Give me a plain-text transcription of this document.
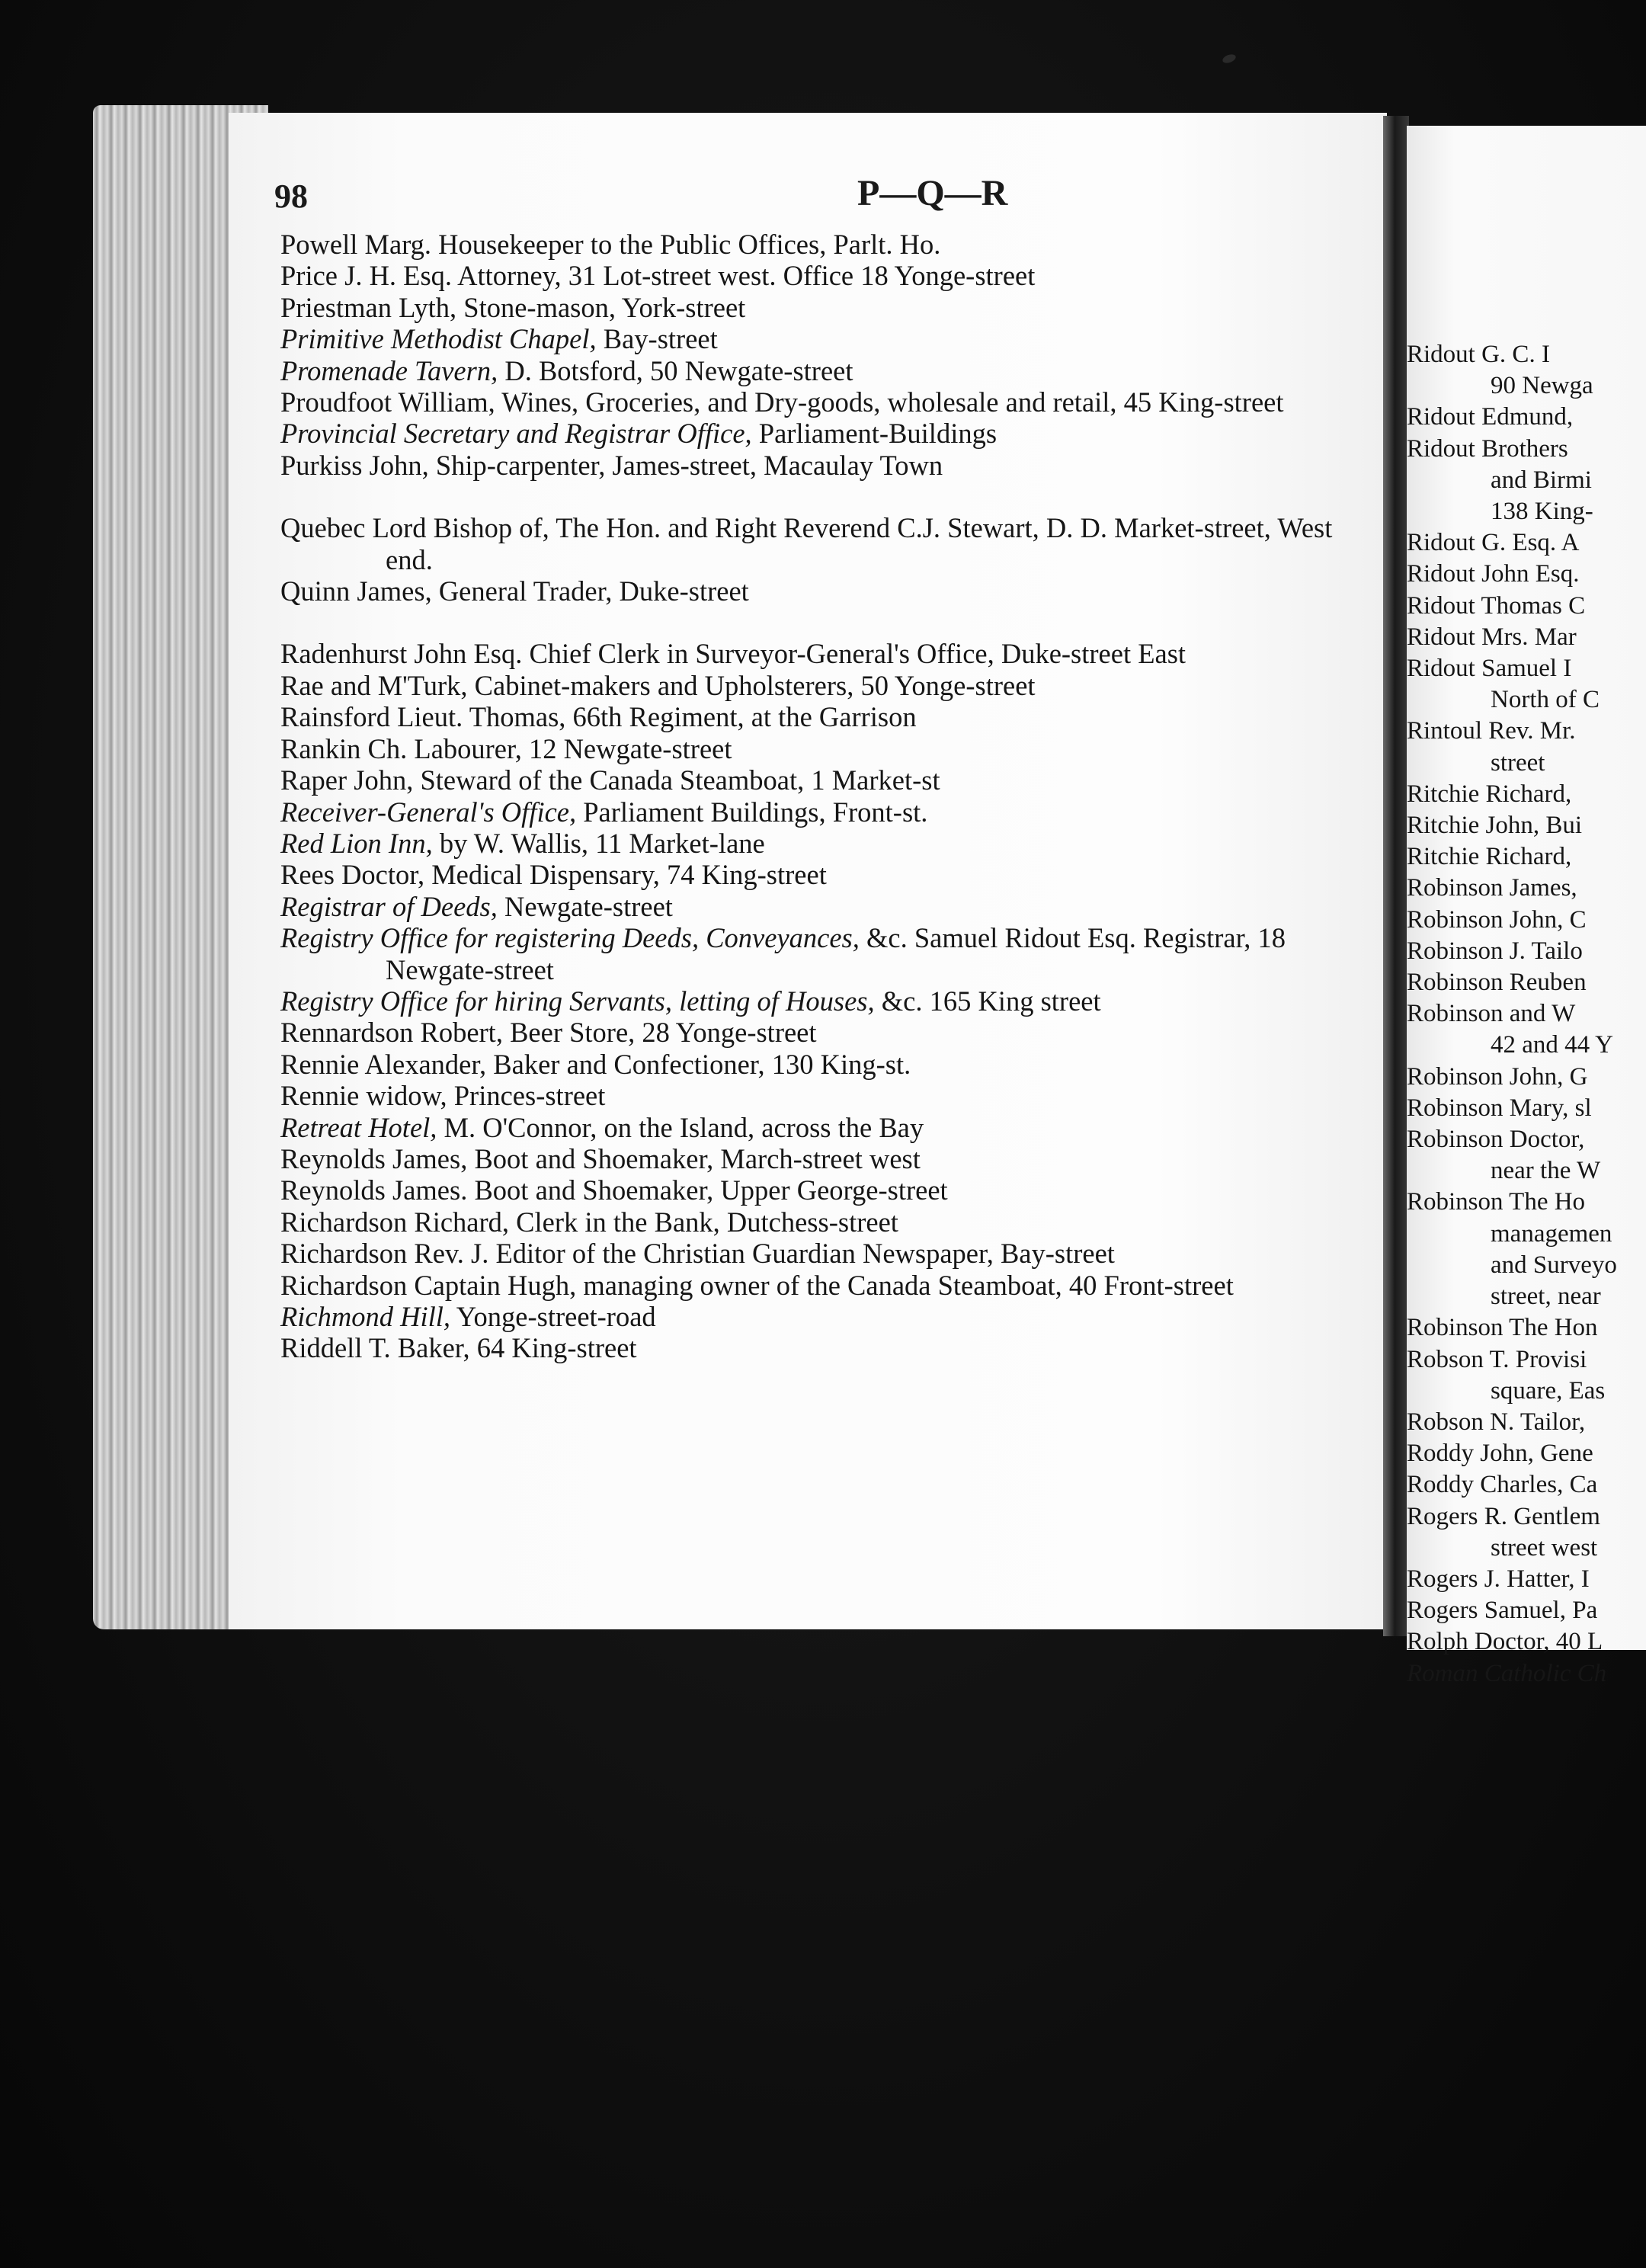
98	P—Q—R
Powell Marg. Housekeeper to the Public Offices, Parlt. Ho.
Price J. H. Esq. Attorney, 31 Lot-street west. Office 18 Yonge-street
Priestman Lyth, Stone-mason, York-street
Primitive Methodist Chapel, Bay-street
Promenade Tavern, D. Botsford, 50 Newgate-street
Proudfoot William, Wines, Groceries, and Dry-goods, wholesale and retail, 45 King-street
Provincial Secretary and Registrar Office, Parliament-Buildings
Purkiss John, Ship-carpenter, James-street, Macaulay Town
Quebec Lord Bishop of, The Hon. and Right Reverend C.J. Stewart, D. D. Market-street, West end.
Quinn James, General Trader, Duke-street
Radenhurst John Esq. Chief Clerk in Surveyor-General's Office, Duke-street East
Rae and M'Turk, Cabinet-makers and Upholsterers, 50 Yonge-street
Rainsford Lieut. Thomas, 66th Regiment, at the Garrison
Rankin Ch. Labourer, 12 Newgate-street
Raper John, Steward of the Canada Steamboat, 1 Market-st
Receiver-General's Office, Parliament Buildings, Front-st.
Red Lion Inn, by W. Wallis, 11 Market-lane
Rees Doctor, Medical Dispensary, 74 King-street
Registrar of Deeds, Newgate-street
Registry Office for registering Deeds, Conveyances, &c. Samuel Ridout Esq. Registrar, 18 Newgate-street
Registry Office for hiring Servants, letting of Houses, &c. 165 King street
Rennardson Robert, Beer Store, 28 Yonge-street
Rennie Alexander, Baker and Confectioner, 130 King-st.
Rennie widow, Princes-street
Retreat Hotel, M. O'Connor, on the Island, across the Bay
Reynolds James, Boot and Shoemaker, March-street west
Reynolds James. Boot and Shoemaker, Upper George-street
Richardson Richard, Clerk in the Bank, Dutchess-street
Richardson Rev. J. Editor of the Christian Guardian Newspaper, Bay-street
Richardson Captain Hugh, managing owner of the Canada Steamboat, 40 Front-street
Richmond Hill, Yonge-street-road
Riddell T. Baker, 64 King-street
Ridout G. C. I
90 Newga
Ridout Edmund,
Ridout Brothers
and Birmi
138 King-
Ridout G. Esq. A
Ridout John Esq.
Ridout Thomas C
Ridout Mrs. Mar
Ridout Samuel I
North of C
Rintoul Rev. Mr.
street
Ritchie Richard,
Ritchie John, Bui
Ritchie Richard,
Robinson James,
Robinson John, C
Robinson J. Tailo
Robinson Reuben
Robinson and W
42 and 44 Y
Robinson John, G
Robinson Mary, sl
Robinson Doctor,
near the W
Robinson The Ho
managemen
and Surveyo
street, near
Robinson The Hon
Robson T. Provisi
square, Eas
Robson N. Tailor,
Roddy John, Gene
Roddy Charles, Ca
Rogers R. Gentlem
street west
Rogers J. Hatter, I
Rogers Samuel, Pa
Rolph Doctor, 40 L
Roman Catholic Ch
